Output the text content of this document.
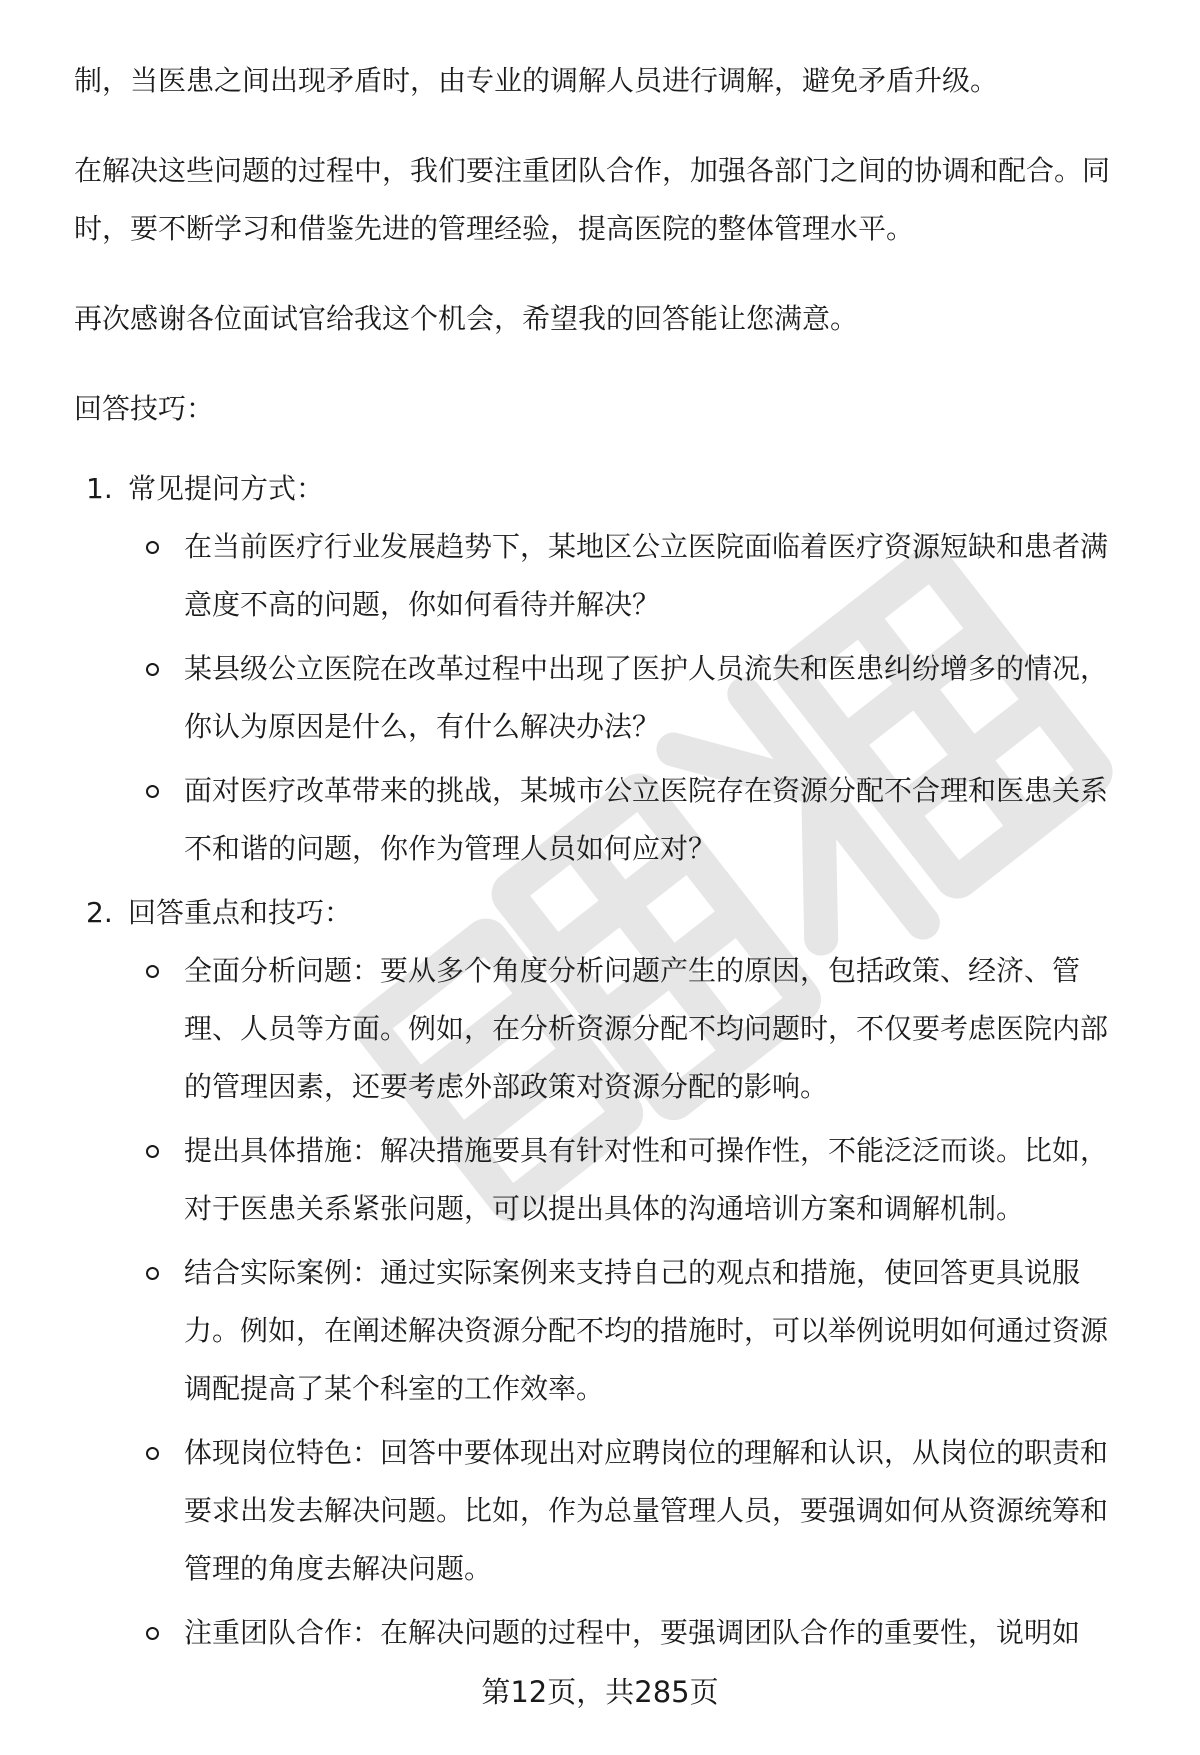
制，当医患之间出现矛盾时，由专业的调解人员进行调解，避免矛盾升级。

在解决这些问题的过程中，我们要注重团队合作，加强各部门之间的协调和配合。同时，要不断学习和借鉴先进的管理经验，提高医院的整体管理水平。

再次感谢各位面试官给我这个机会，希望我的回答能让您满意。

回答技巧：

1. 常见提问方式：

在当前医疗行业发展趋势下，某地区公立医院面临着医疗资源短缺和患者满意度不高的问题，你如何看待并解决？
某县级公立医院在改革过程中出现了医护人员流失和医患纠纷增多的情况，你认为原因是什么，有什么解决办法？
面对医疗改革带来的挑战，某城市公立医院存在资源分配不合理和医患关系不和谐的问题，你作为管理人员如何应对？
2. 回答重点和技巧：

全面分析问题：要从多个角度分析问题产生的原因，包括政策、经济、管理、人员等方面。例如，在分析资源分配不均问题时，不仅要考虑医院内部的管理因素，还要考虑外部政策对资源分配的影响。
提出具体措施：解决措施要具有针对性和可操作性，不能泛泛而谈。比如，对于医患关系紧张问题，可以提出具体的沟通培训方案和调解机制。
结合实际案例：通过实际案例来支持自己的观点和措施，使回答更具说服力。例如，在阐述解决资源分配不均的措施时，可以举例说明如何通过资源调配提高了某个科室的工作效率。
体现岗位特色：回答中要体现出对应聘岗位的理解和认识，从岗位的职责和要求出发去解决问题。比如，作为总量管理人员，要强调如何从资源统筹和管理的角度去解决问题。
注重团队合作：在解决问题的过程中，要强调团队合作的重要性，说明如
第12页，共285页
